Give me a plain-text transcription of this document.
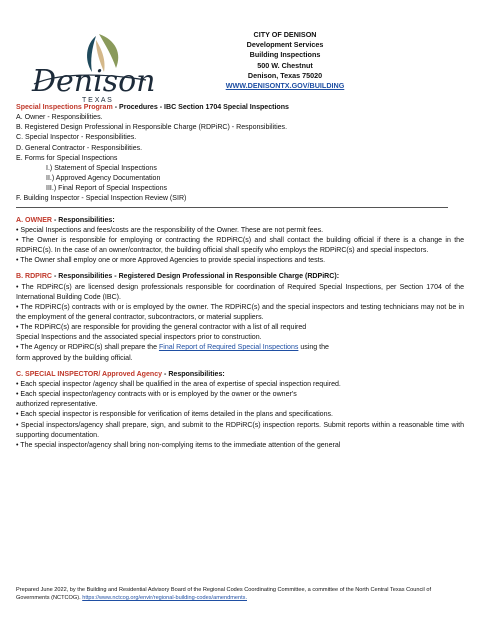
Denison
T E X A S
CITY OF DENISON
Development Services
Building Inspections
500 W. Chestnut
Denison, Texas 75020
WWW.DENISONTX.GOV/BUILDING
Special Inspections Program - Procedures - IBC Section 1704 Special Inspections
A. Owner - Responsibilities.
B. Registered Design Professional in Responsible Charge (RDPiRC) - Responsibilities.
C. Special Inspector - Responsibilities.
D. General Contractor - Responsibilities.
E. Forms for Special Inspections
I.) Statement of Special Inspections
II.) Approved Agency Documentation
III.) Final Report of Special Inspections
F. Building Inspector - Special Inspection Review (SIR)
A. OWNER - Responsibilities:

• Special Inspections and fees/costs are the responsibility of the Owner. These are not permit fees.

• The Owner is responsible for employing or contracting the RDPiRC(s) and shall contact the building official if there is a change in the RDPiRC(s). In the case of an owner/contractor, the building official shall specify who employs the RDPiRC(s) and special inspectors.

• The Owner shall employ one or more Approved Agencies to provide special inspections and tests.

B. RDPIRC - Responsibilities - Registered Design Professional in Responsible Charge (RDPiRC):

• The RDPiRC(s) are licensed design professionals responsible for coordination of Required Special Inspections, per Section 1704 of the International Building Code (IBC).

• The RDPiRC(s) contracts with or is employed by the owner. The RDPiRC(s) and the special inspectors and testing technicians may not be in the employment of the general contractor, subcontractors, or material suppliers.

• The RDPiRC(s) are responsible for providing the general contractor with a list of all required

Special Inspections and the associated special inspectors prior to construction.

• The Agency or RDPiRC(s) shall prepare the Final Report of Required Special Inspections using the

form approved by the building official.

C. SPECIAL INSPECTOR/ Approved Agency - Responsibilities:

• Each special inspector /agency shall be qualified in the area of expertise of special inspection required.

• Each special inspector/agency contracts with or is employed by the owner or the owner's

authorized representative.

• Each special inspector is responsible for verification of items detailed in the plans and specifications.

• Special inspectors/agency shall prepare, sign, and submit to the RDPiRC(s) inspection reports. Submit reports within a reasonable time with supporting documentation.

• The special inspector/agency shall bring non-complying items to the immediate attention of the general

Prepared June 2022, by the Building and Residential Advisory Board of the Regional Codes Coordinating Committee, a committee of the North Central Texas Council of Governments (NCTCOG). https://www.nctcog.org/envir/regional-building-codes/amendments.
